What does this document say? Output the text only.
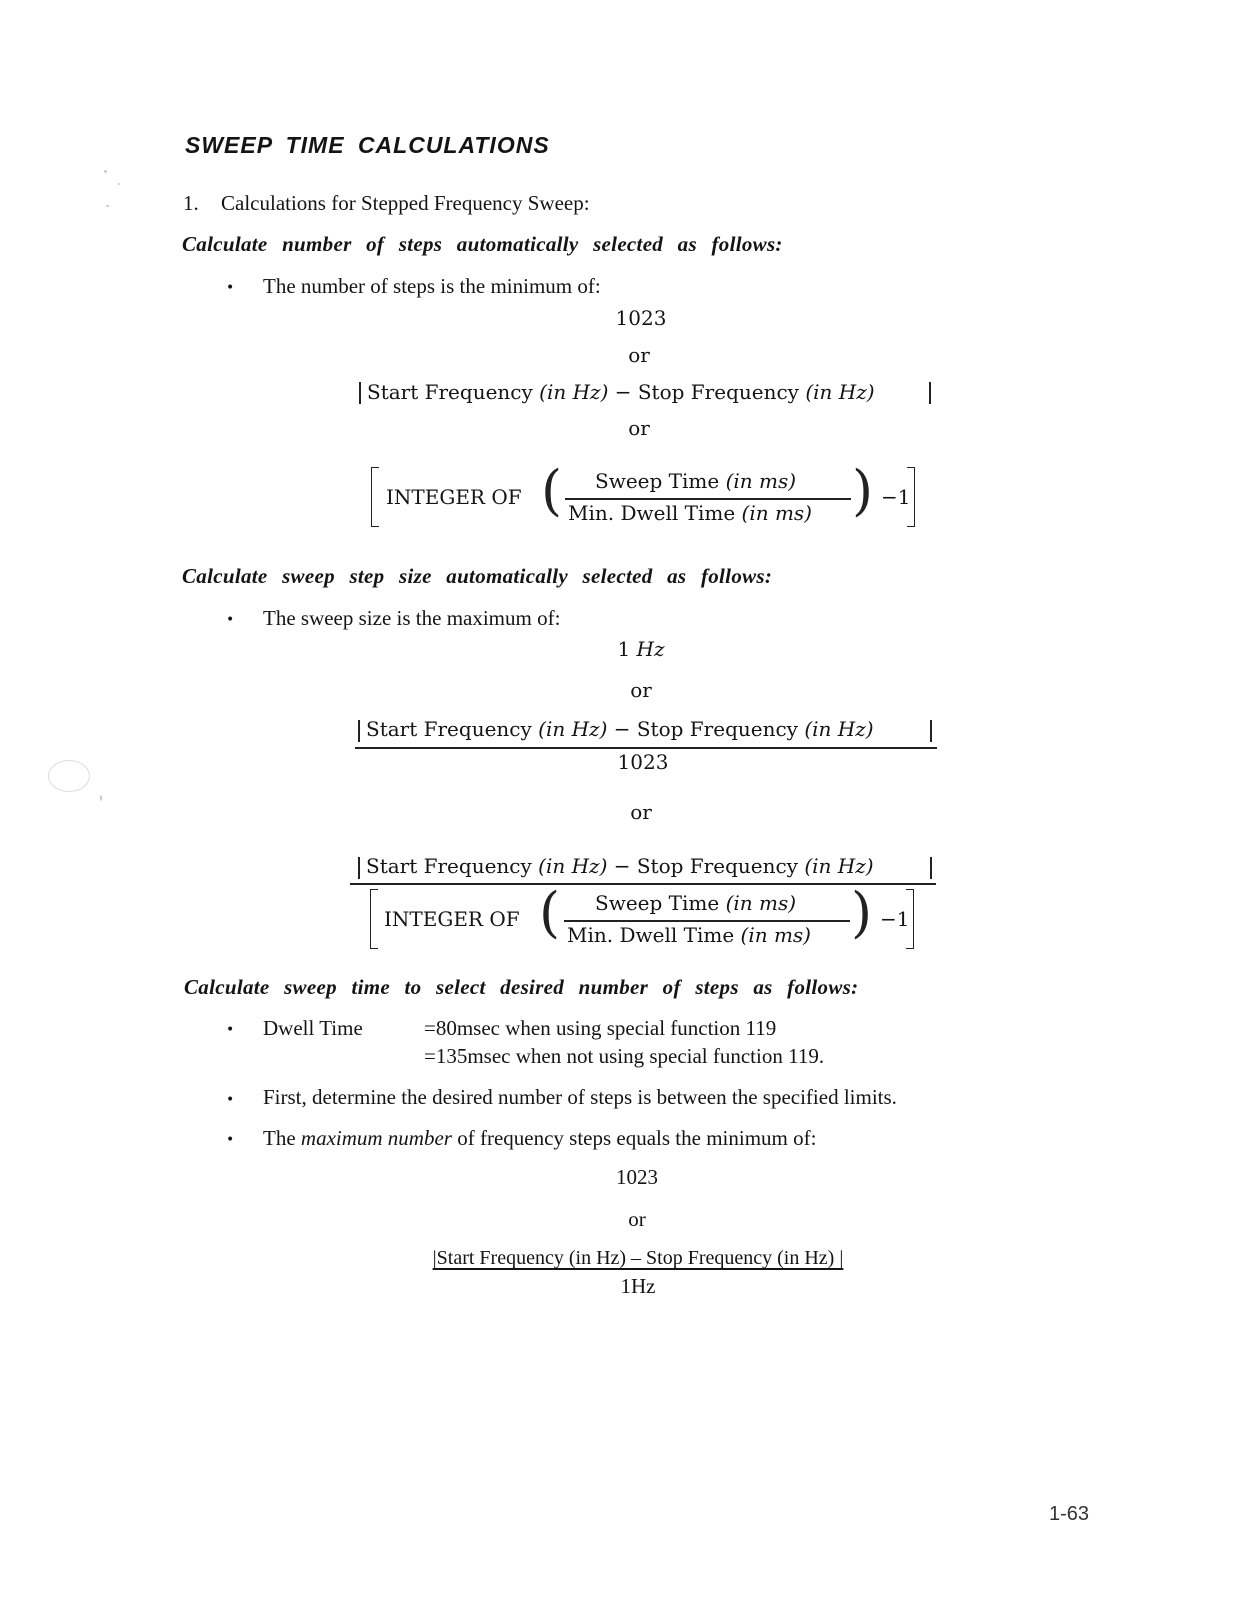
SWEEP TIME CALCULATIONS
1. Calculations for Stepped Frequency Sweep:
Calculate number of steps automatically selected as follows:
• The number of steps is the minimum of:
1023
or
Start Frequency (in Hz) − Stop Frequency (in Hz)
or
INTEGER OF ( Sweep Time (in ms)
Min. Dwell Time (in ms) ) −1
Calculate sweep step size automatically selected as follows:
• The sweep size is the maximum of:
1 Hz
or
Start Frequency (in Hz) − Stop Frequency (in Hz)
1023
or
Start Frequency (in Hz) − Stop Frequency (in Hz)
INTEGER OF ( Sweep Time (in ms)
Min. Dwell Time (in ms) ) −1
Calculate sweep time to select desired number of steps as follows:
• Dwell Time	=80msec when using special function 119
=135msec when not using special function 119.
• First, determine the desired number of steps is between the specified limits.
• The maximum number of frequency steps equals the minimum of:
1023
or
|Start Frequency (in Hz) – Stop Frequency (in Hz) |
1Hz
1-63
